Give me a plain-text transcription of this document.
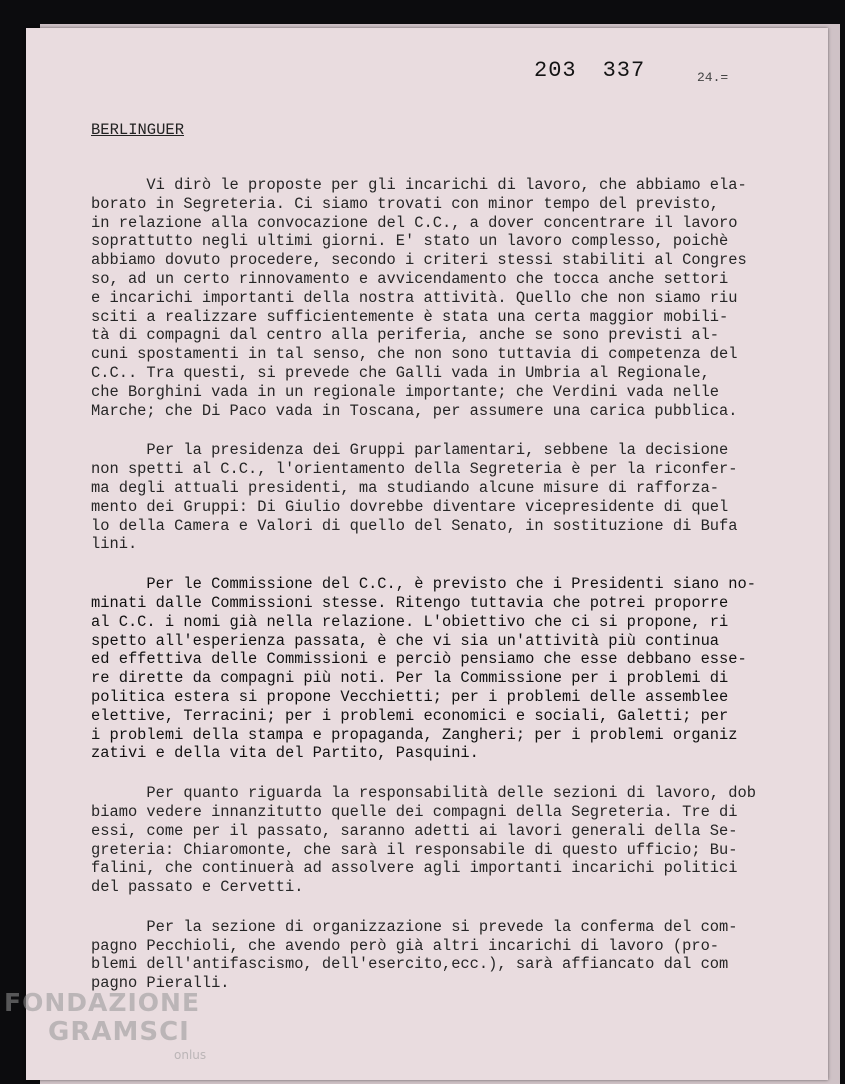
203 337	24.=
BERLINGUER
Vi dirò le proposte per gli incarichi di lavoro, che abbiamo ela-
borato in Segreteria. Ci siamo trovati con minor tempo del previsto,
in relazione alla convocazione del C.C., a dover concentrare il lavoro
soprattutto negli ultimi giorni. E' stato un lavoro complesso, poichè
abbiamo dovuto procedere, secondo i criteri stessi stabiliti al Congres
so, ad un certo rinnovamento e avvicendamento che tocca anche settori
e incarichi importanti della nostra attività. Quello che non siamo riu
sciti a realizzare sufficientemente è stata una certa maggior mobili-
tà di compagni dal centro alla periferia, anche se sono previsti al-
cuni spostamenti in tal senso, che non sono tuttavia di competenza del
C.C.. Tra questi, si prevede che Galli vada in Umbria al Regionale,
che Borghini vada in un regionale importante; che Verdini vada nelle
Marche; che Di Paco vada in Toscana, per assumere una carica pubblica.
Per la presidenza dei Gruppi parlamentari, sebbene la decisione
non spetti al C.C., l'orientamento della Segreteria è per la riconfer-
ma degli attuali presidenti, ma studiando alcune misure di rafforza-
mento dei Gruppi: Di Giulio dovrebbe diventare vicepresidente di quel
lo della Camera e Valori di quello del Senato, in sostituzione di Bufa
lini.
Per le Commissione del C.C., è previsto che i Presidenti siano no-
minati dalle Commissioni stesse. Ritengo tuttavia che potrei proporre
al C.C. i nomi già nella relazione. L'obiettivo che ci si propone, ri
spetto all'esperienza passata, è che vi sia un'attività più continua
ed effettiva delle Commissioni e perciò pensiamo che esse debbano esse-
re dirette da compagni più noti. Per la Commissione per i problemi di
politica estera si propone Vecchietti; per i problemi delle assemblee
elettive, Terracini; per i problemi economici e sociali, Galetti; per
i problemi della stampa e propaganda, Zangheri; per i problemi organiz
zativi e della vita del Partito, Pasquini.
Per quanto riguarda la responsabilità delle sezioni di lavoro, dob
biamo vedere innanzitutto quelle dei compagni della Segreteria. Tre di
essi, come per il passato, saranno adetti ai lavori generali della Se-
greteria: Chiaromonte, che sarà il responsabile di questo ufficio; Bu-
falini, che continuerà ad assolvere agli importanti incarichi politici
del passato e Cervetti.
Per la sezione di organizzazione si prevede la conferma del com-
pagno Pecchioli, che avendo però già altri incarichi di lavoro (pro-
blemi dell'antifascismo, dell'esercito,ecc.), sarà affiancato dal com
pagno Pieralli.
FONDAZIONE
GRAMSCI
onlus
